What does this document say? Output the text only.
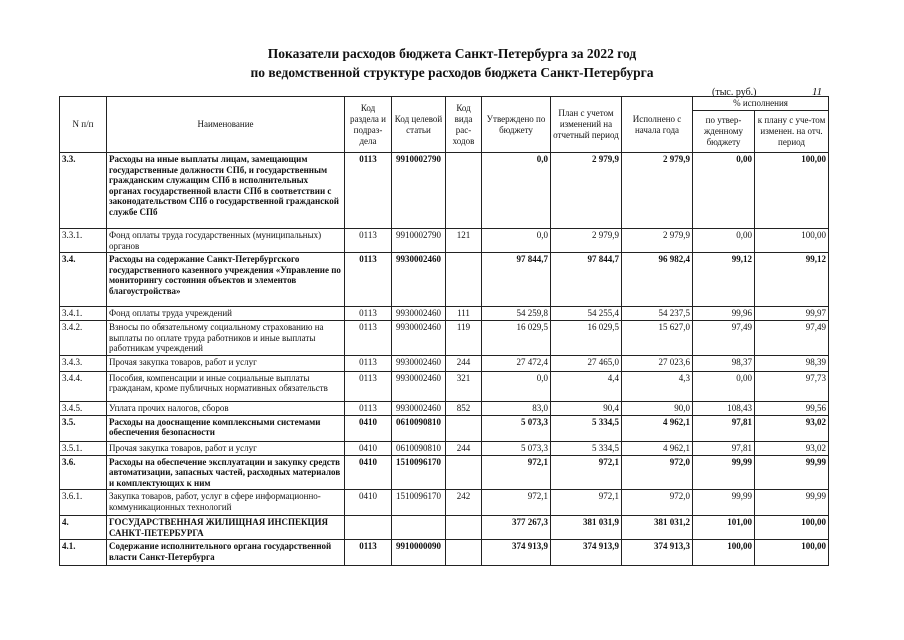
Показатели расходов бюджета Санкт-Петербурга за 2022 год
по ведомственной структуре расходов бюджета Санкт-Петербурга
(тыс. руб.)	11
N п/п	Наименование	Код раздела и подраз-дела	Код целевой статьи	Код вида рас-ходов	Утверждено по бюджету	План с учетом изменений на отчетный период	Исполнено с начала года	% исполнения	
								по утвер-жденному бюджету	к плану с уче-том изменен. на отч. период
3.3.	Расходы на иные выплаты лицам, замещающим государственные должности СПб, и государственным гражданским служащим СПб в исполнительных органах государственной власти СПб в соответствии с законодательством СПб о государственной гражданской службе СПб	0113	9910002790		0,0	2 979,9	2 979,9	0,00	100,00
3.3.1.	Фонд оплаты труда государственных (муниципальных) органов	0113	9910002790	121	0,0	2 979,9	2 979,9	0,00	100,00
3.4.	Расходы на содержание Санкт-Петербургского государственного казенного учреждения «Управление по мониторингу состояния объектов и элементов благоустройства»	0113	9930002460		97 844,7	97 844,7	96 982,4	99,12	99,12
3.4.1.	Фонд оплаты труда учреждений	0113	9930002460	111	54 259,8	54 255,4	54 237,5	99,96	99,97
3.4.2.	Взносы по обязательному социальному страхованию на выплаты по оплате труда работников и иные выплаты работникам учреждений	0113	9930002460	119	16 029,5	16 029,5	15 627,0	97,49	97,49
3.4.3.	Прочая закупка товаров, работ и услуг	0113	9930002460	244	27 472,4	27 465,0	27 023,6	98,37	98,39
3.4.4.	Пособия, компенсации и иные социальные выплаты гражданам, кроме публичных нормативных обязательств	0113	9930002460	321	0,0	4,4	4,3	0,00	97,73
3.4.5.	Уплата прочих налогов, сборов	0113	9930002460	852	83,0	90,4	90,0	108,43	99,56
3.5.	Расходы на дооснащение комплексными системами обеспечения безопасности	0410	0610090810		5 073,3	5 334,5	4 962,1	97,81	93,02
3.5.1.	Прочая закупка товаров, работ и услуг	0410	0610090810	244	5 073,3	5 334,5	4 962,1	97,81	93,02
3.6.	Расходы на обеспечение эксплуатации и закупку средств автоматизации, запасных частей, расходных материалов и комплектующих к ним	0410	1510096170		972,1	972,1	972,0	99,99	99,99
3.6.1.	Закупка товаров, работ, услуг в сфере информационно-коммуникационных технологий	0410	1510096170	242	972,1	972,1	972,0	99,99	99,99
4.	ГОСУДАРСТВЕННАЯ ЖИЛИЩНАЯ ИНСПЕКЦИЯ САНКТ-ПЕТЕРБУРГА				377 267,3	381 031,9	381 031,2	101,00	100,00
4.1.	Содержание исполнительного органа государственной власти Санкт-Петербурга	0113	9910000090		374 913,9	374 913,9	374 913,3	100,00	100,00
